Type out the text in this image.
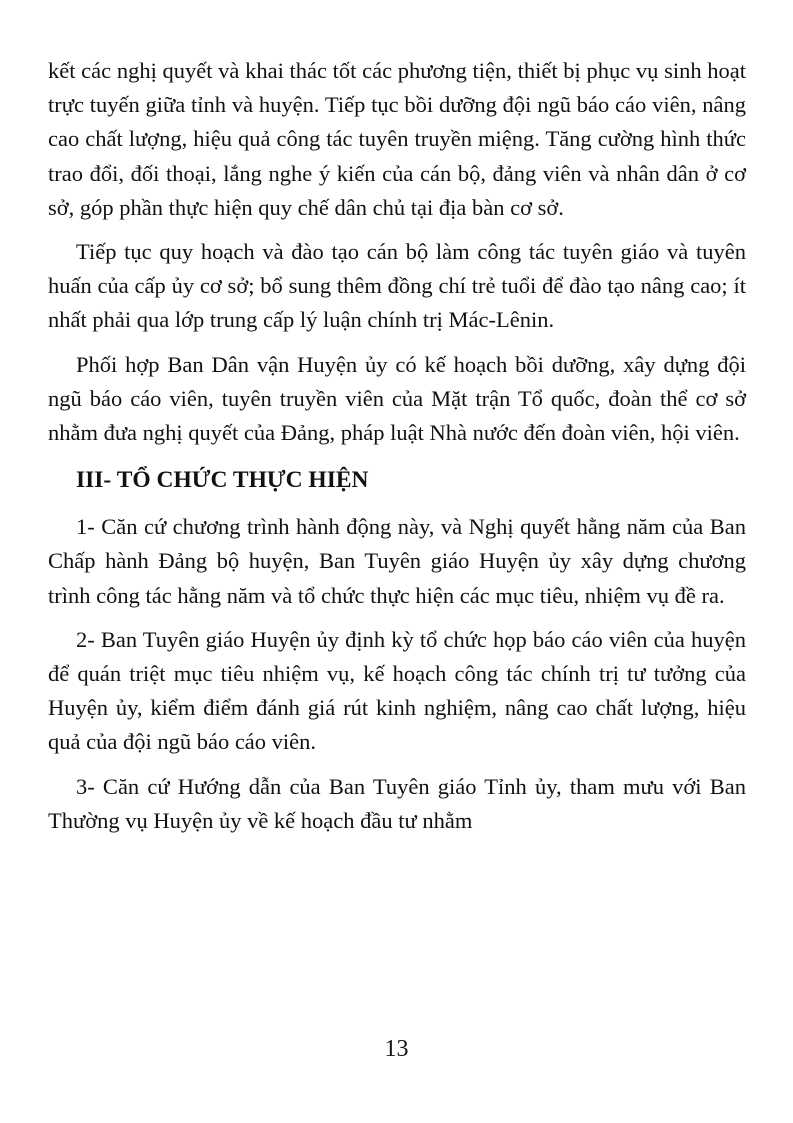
kết các nghị quyết và khai thác tốt các phương tiện, thiết bị phục vụ sinh hoạt trực tuyến giữa tỉnh và huyện. Tiếp tục bồi dưỡng đội ngũ báo cáo viên, nâng cao chất lượng, hiệu quả công tác tuyên truyền miệng. Tăng cường hình thức trao đổi, đối thoại, lắng nghe ý kiến của cán bộ, đảng viên và nhân dân ở cơ sở, góp phần thực hiện quy chế dân chủ tại địa bàn cơ sở.

Tiếp tục quy hoạch và đào tạo cán bộ làm công tác tuyên giáo và tuyên huấn của cấp ủy cơ sở; bổ sung thêm đồng chí trẻ tuổi để đào tạo nâng cao; ít nhất phải qua lớp trung cấp lý luận chính trị Mác-Lênin.

Phối hợp Ban Dân vận Huyện ủy có kế hoạch bồi dưỡng, xây dựng đội ngũ báo cáo viên, tuyên truyền viên của Mặt trận Tổ quốc, đoàn thể cơ sở nhằm đưa nghị quyết của Đảng, pháp luật Nhà nước đến đoàn viên, hội viên.

III- TỔ CHỨC THỰC HIỆN

1- Căn cứ chương trình hành động này, và Nghị quyết hằng năm của Ban Chấp hành Đảng bộ huyện, Ban Tuyên giáo Huyện ủy xây dựng chương trình công tác hằng năm và tổ chức thực hiện các mục tiêu, nhiệm vụ đề ra.

2- Ban Tuyên giáo Huyện ủy định kỳ tổ chức họp báo cáo viên của huyện để quán triệt mục tiêu nhiệm vụ, kế hoạch công tác chính trị tư tưởng của Huyện ủy, kiểm điểm đánh giá rút kinh nghiệm, nâng cao chất lượng, hiệu quả của đội ngũ báo cáo viên.

3- Căn cứ Hướng dẫn của Ban Tuyên giáo Tỉnh ủy, tham mưu với Ban Thường vụ Huyện ủy về kế hoạch đầu tư nhằm

13
